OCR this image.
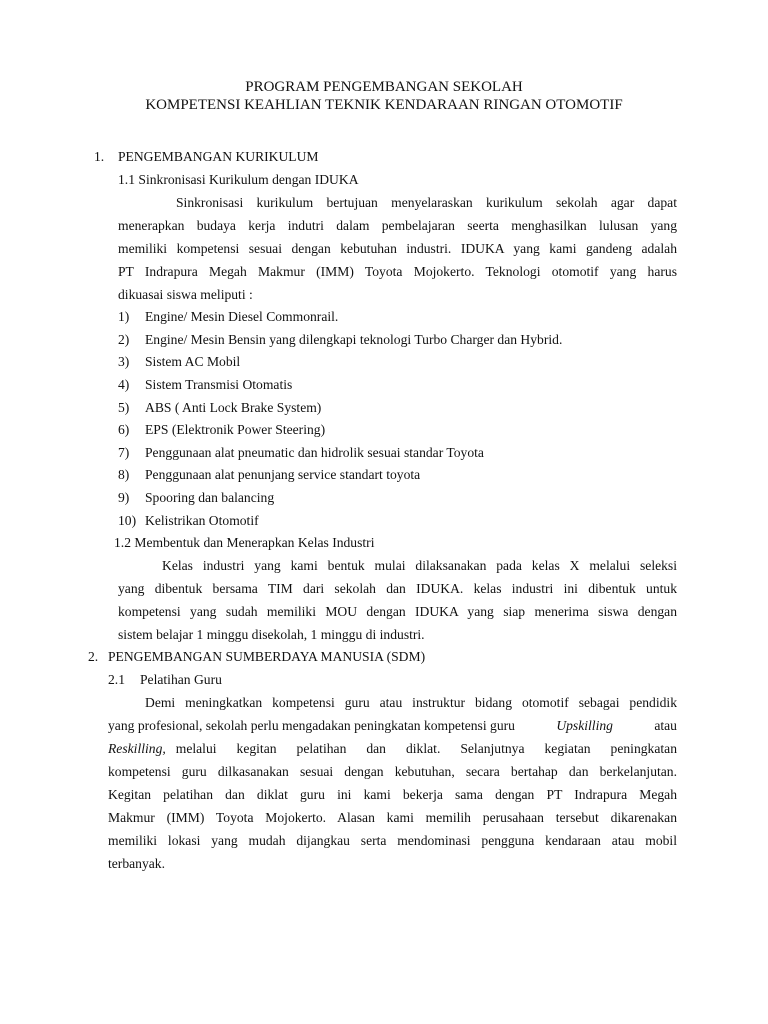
PROGRAM PENGEMBANGAN SEKOLAH
KOMPETENSI KEAHLIAN TEKNIK KENDARAAN RINGAN OTOMOTIF
1. PENGEMBANGAN KURIKULUM
1.1 Sinkronisasi Kurikulum dengan IDUKA
Sinkronisasi kurikulum bertujuan menyelaraskan kurikulum sekolah agar dapat
menerapkan budaya kerja indutri dalam pembelajaran seerta menghasilkan lulusan yang
memiliki kompetensi sesuai dengan kebutuhan industri. IDUKA yang kami gandeng adalah
PT Indrapura Megah Makmur (IMM) Toyota Mojokerto. Teknologi otomotif yang harus
dikuasai siswa meliputi :
1) Engine/ Mesin Diesel Commonrail.
2) Engine/ Mesin Bensin yang dilengkapi teknologi Turbo Charger dan Hybrid.
3) Sistem AC Mobil
4) Sistem Transmisi Otomatis
5) ABS ( Anti Lock Brake System)
6) EPS (Elektronik Power Steering)
7) Penggunaan alat pneumatic dan hidrolik sesuai standar Toyota
8) Penggunaan alat penunjang service standart toyota
9) Spooring dan balancing
10) Kelistrikan Otomotif
1.2 Membentuk dan Menerapkan Kelas Industri
Kelas industri yang kami bentuk mulai dilaksanakan pada kelas X melalui seleksi
yang dibentuk bersama TIM dari sekolah dan IDUKA. kelas industri ini dibentuk untuk
kompetensi yang sudah memiliki MOU dengan IDUKA yang siap menerima siswa dengan
sistem belajar 1 minggu disekolah, 1 minggu di industri.
2. PENGEMBANGAN SUMBERDAYA MANUSIA (SDM)
2.1 Pelatihan Guru
Demi meningkatkan kompetensi guru atau instruktur bidang otomotif sebagai pendidik
yang profesional, sekolah perlu mengadakan peningkatan kompetensi guru	Upskilling	atau
Reskilling, melalui kegitan pelatihan dan diklat. Selanjutnya kegiatan peningkatan
kompetensi guru dilkasanakan sesuai dengan kebutuhan, secara bertahap dan berkelanjutan.
Kegitan pelatihan dan diklat guru ini kami bekerja sama dengan PT Indrapura Megah
Makmur (IMM) Toyota Mojokerto. Alasan kami memilih perusahaan tersebut dikarenakan
memiliki lokasi yang mudah dijangkau serta mendominasi pengguna kendaraan atau mobil
terbanyak.
